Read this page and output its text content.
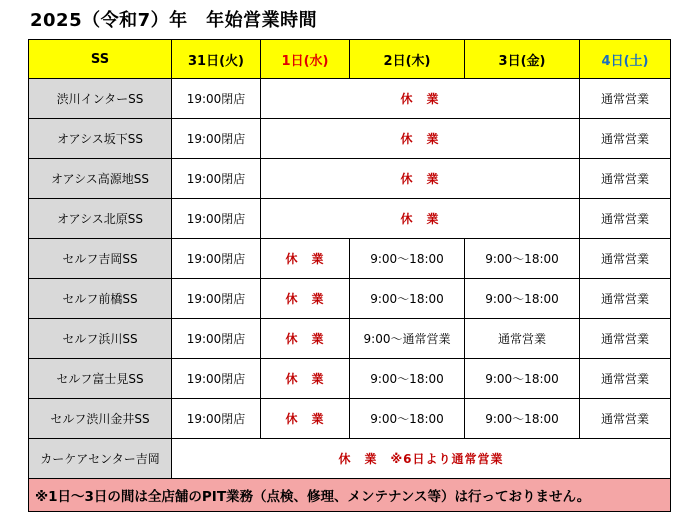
2025（令和7）年　年始営業時間
SS	31日(火)	1日(水)	2日(木)	3日(金)	4日(土)
渋川インターSS	19:00閉店	休　業			通常営業
オアシス坂下SS	19:00閉店	休　業			通常営業
オアシス高源地SS	19:00閉店	休　業			通常営業
オアシス北原SS	19:00閉店	休　業			通常営業
セルフ吉岡SS	19:00閉店	休　業	9:00～18:00	9:00～18:00	通常営業
セルフ前橋SS	19:00閉店	休　業	9:00～18:00	9:00～18:00	通常営業
セルフ浜川SS	19:00閉店	休　業	9:00～通常営業	通常営業	通常営業
セルフ富士見SS	19:00閉店	休　業	9:00～18:00	9:00～18:00	通常営業
セルフ渋川金井SS	19:00閉店	休　業	9:00～18:00	9:00～18:00	通常営業
カーケアセンター吉岡	休　業　※6日より通常営業				
※1日～3日の間は全店舗のPIT業務（点検、修理、メンテナンス等）は行っておりません。					
